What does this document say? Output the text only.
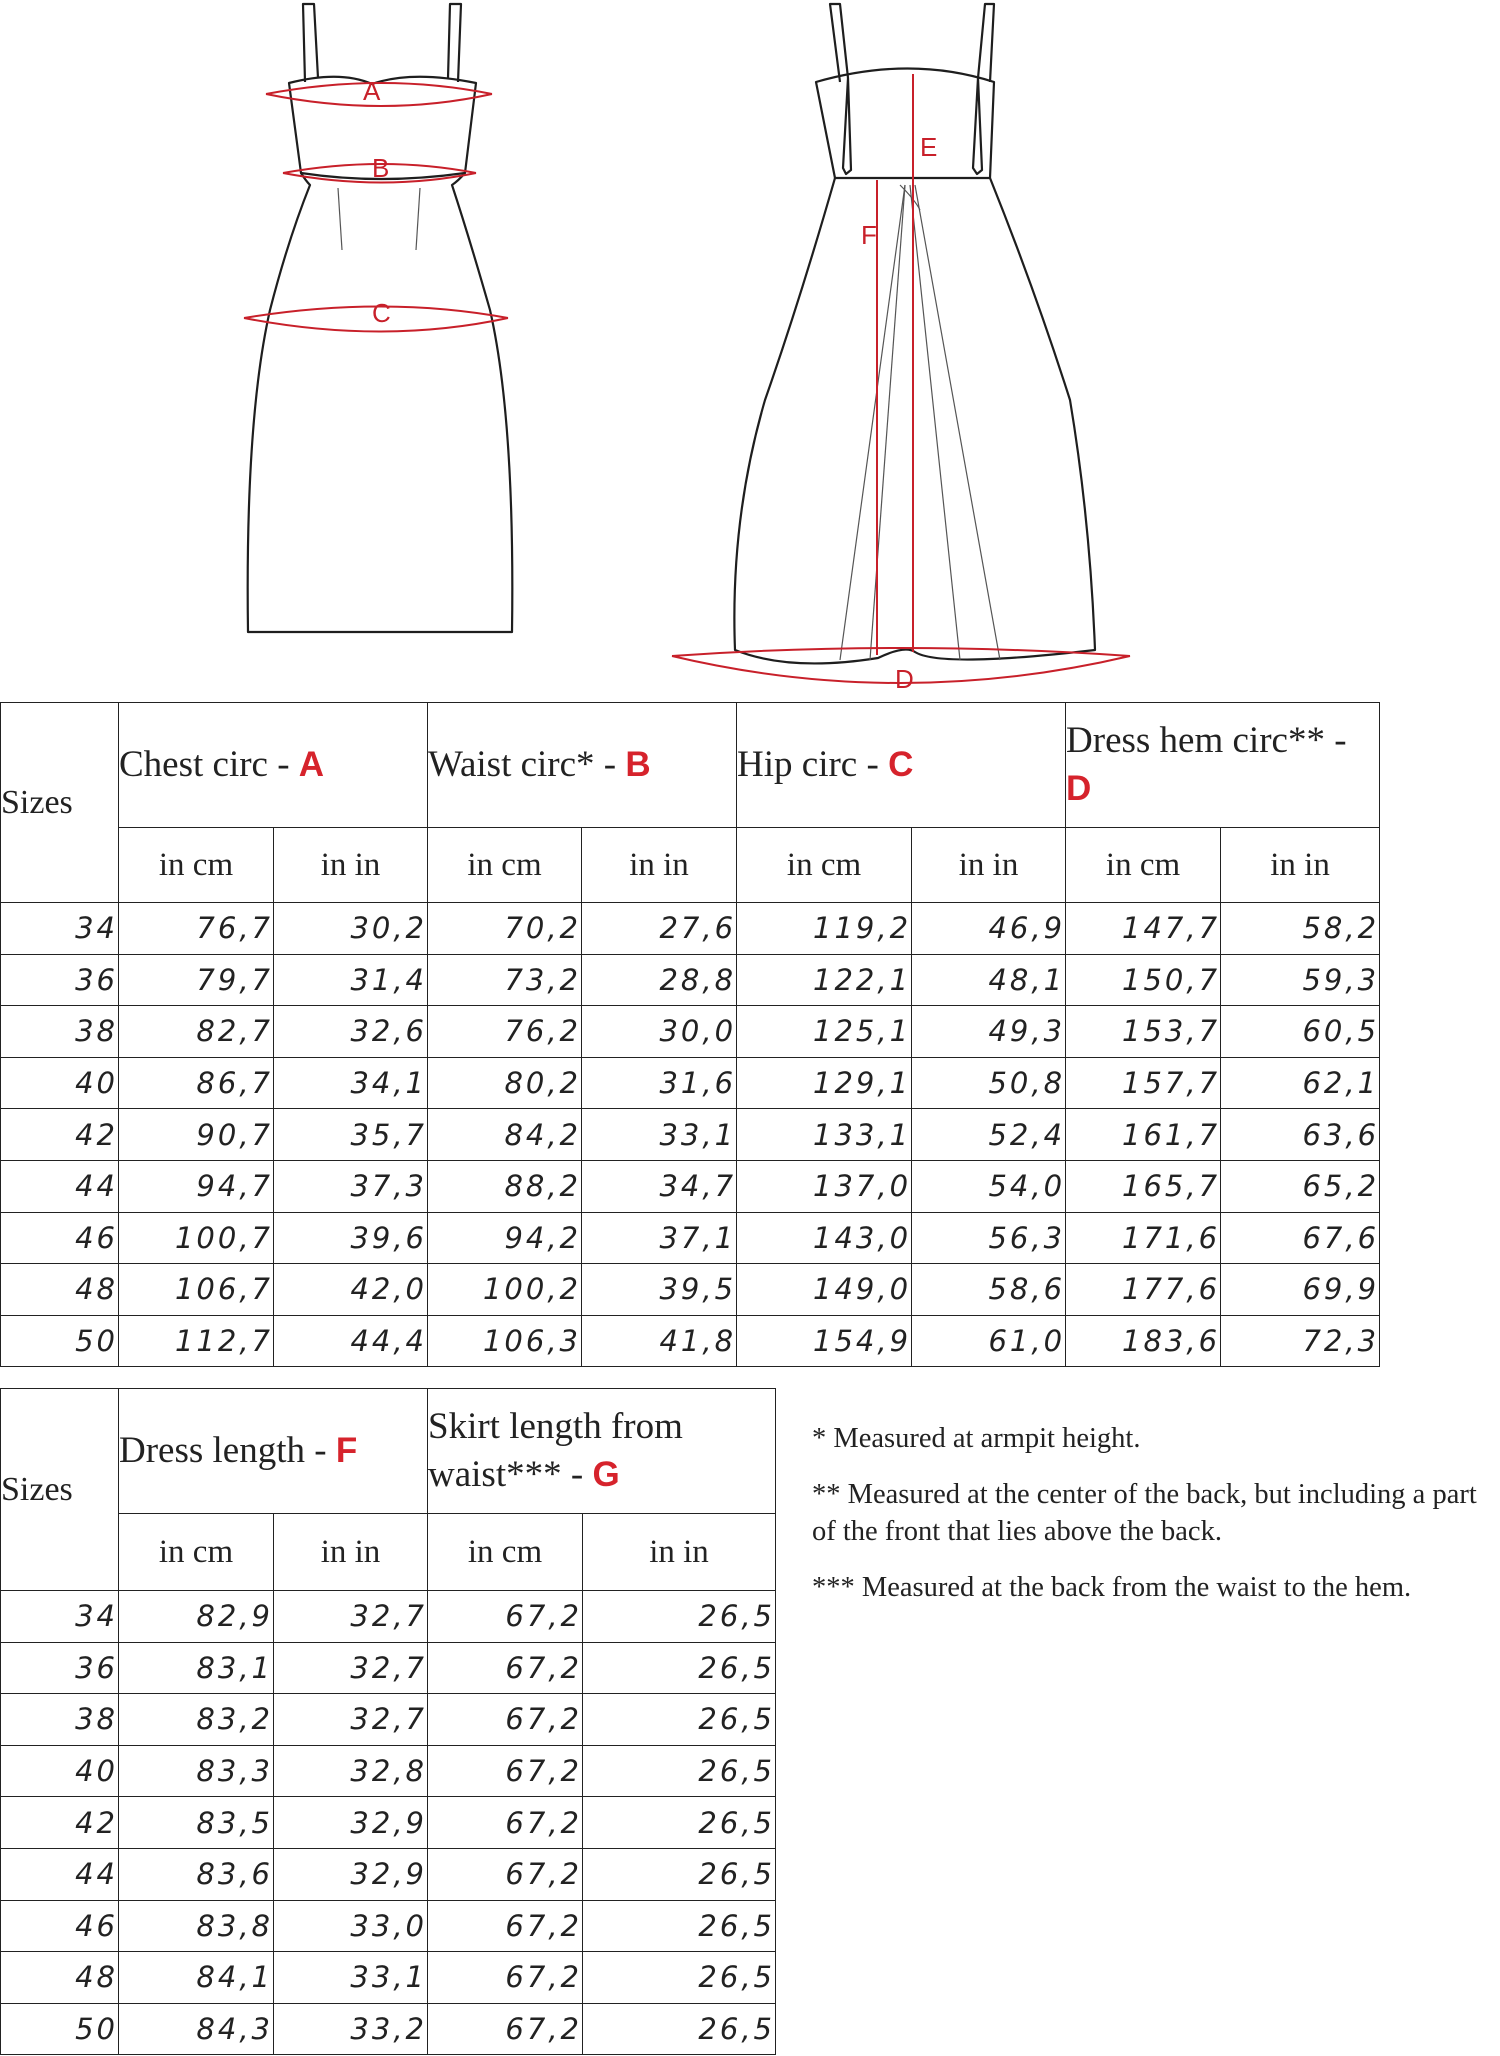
A
B
C
E
F
D
Sizes	Chest circ - A		Waist circ* - B		Hip circ - C		Dress hem circ** - D	
	in cm	in in	in cm	in in	in cm	in in	in cm	in in
34	76,7	30,2	70,2	27,6	119,2	46,9	147,7	58,2
36	79,7	31,4	73,2	28,8	122,1	48,1	150,7	59,3
38	82,7	32,6	76,2	30,0	125,1	49,3	153,7	60,5
40	86,7	34,1	80,2	31,6	129,1	50,8	157,7	62,1
42	90,7	35,7	84,2	33,1	133,1	52,4	161,7	63,6
44	94,7	37,3	88,2	34,7	137,0	54,0	165,7	65,2
46	100,7	39,6	94,2	37,1	143,0	56,3	171,6	67,6
48	106,7	42,0	100,2	39,5	149,0	58,6	177,6	69,9
50	112,7	44,4	106,3	41,8	154,9	61,0	183,6	72,3
Sizes	Dress length - F		Skirt length from waist*** - G	
	in cm	in in	in cm	in in
34	82,9	32,7	67,2	26,5
36	83,1	32,7	67,2	26,5
38	83,2	32,7	67,2	26,5
40	83,3	32,8	67,2	26,5
42	83,5	32,9	67,2	26,5
44	83,6	32,9	67,2	26,5
46	83,8	33,0	67,2	26,5
48	84,1	33,1	67,2	26,5
50	84,3	33,2	67,2	26,5

* Measured at armpit height.

** Measured at the center of the back, but including a part of the front that lies above the back.

*** Measured at the back from the waist to the hem.
